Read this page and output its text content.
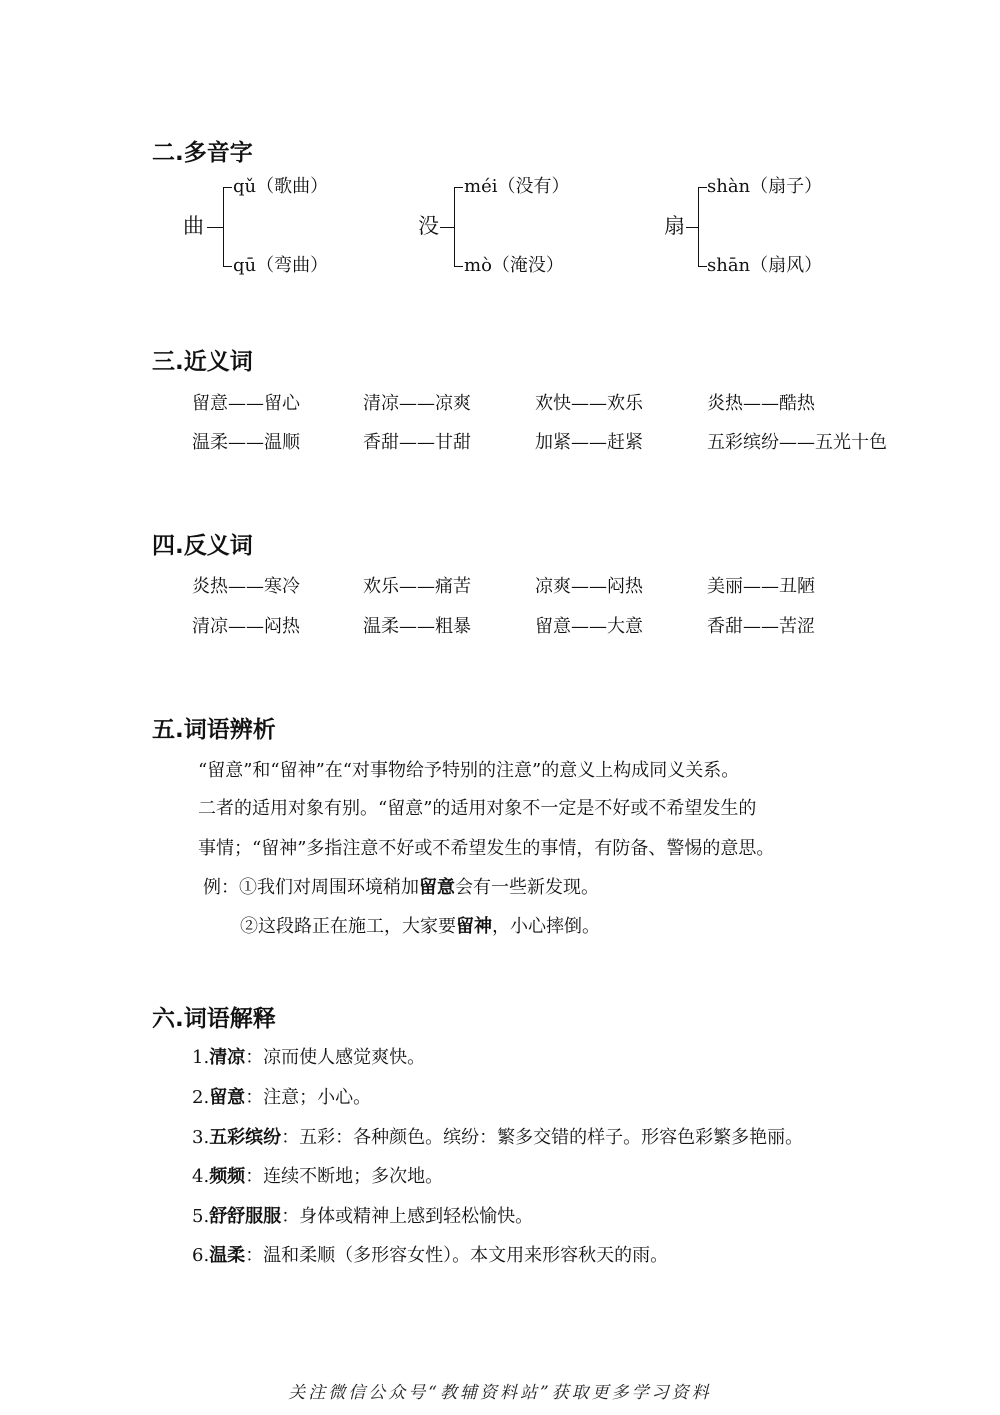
二.多音字
曲
qǔ（歌曲）
qū（弯曲）
没
méi（没有）
mò（淹没）
扇
shàn（扇子）
shān（扇风）
三.近义词
留意——留心	清凉——凉爽	欢快——欢乐	炎热——酷热
温柔——温顺	香甜——甘甜	加紧——赶紧	五彩缤纷——五光十色
四.反义词
炎热——寒冷	欢乐——痛苦	凉爽——闷热	美丽——丑陋
清凉——闷热	温柔——粗暴	留意——大意	香甜——苦涩
五.词语辨析
“留意”和“留神”在“对事物给予特别的注意”的意义上构成同义关系。
二者的适用对象有别。“留意”的适用对象不一定是不好或不希望发生的
事情；“留神”多指注意不好或不希望发生的事情，有防备、警惕的意思。
例：①我们对周围环境稍加留意会有一些新发现。
②这段路正在施工，大家要留神，小心摔倒。
六.词语解释
1.清凉：凉而使人感觉爽快。
2.留意：注意；小心。
3.五彩缤纷：五彩：各种颜色。缤纷：繁多交错的样子。形容色彩繁多艳丽。
4.频频：连续不断地；多次地。
5.舒舒服服：身体或精神上感到轻松愉快。
6.温柔：温和柔顺（多形容女性）。本文用来形容秋天的雨。
关注微信公众号“教辅资料站”获取更多学习资料
